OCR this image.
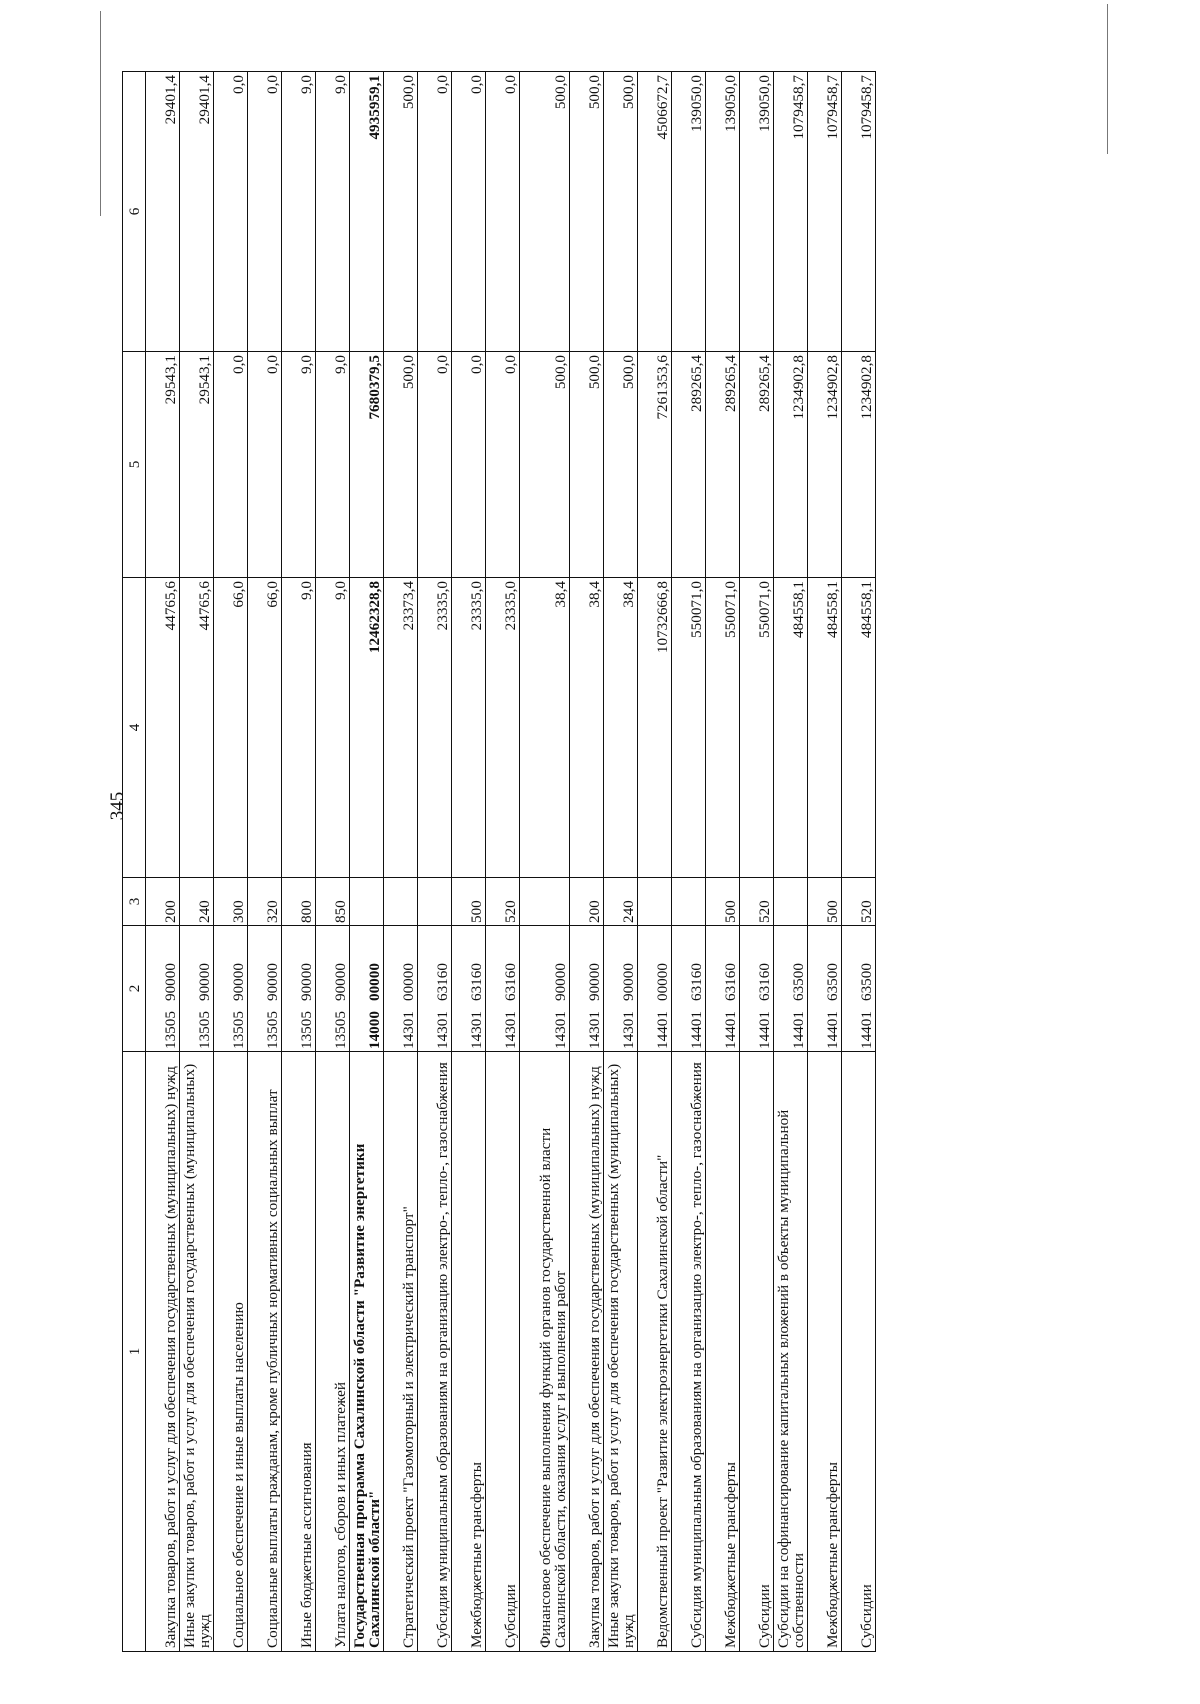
345
1	2	3	4	5	6
Закупка товаров, работ и услуг для обеспечения государственных (муниципальных) нужд	1350590000	200	44765,6	29543,1	29401,4
Иные закупки товаров, работ и услуг для обеспечения государственных (муниципальных) нужд	1350590000	240	44765,6	29543,1	29401,4
Социальное обеспечение и иные выплаты населению	1350590000	300	66,0	0,0	0,0
Социальные выплаты гражданам, кроме публичных нормативных социальных выплат	1350590000	320	66,0	0,0	0,0
Иные бюджетные ассигнования	1350590000	800	9,0	9,0	9,0
Уплата налогов, сборов и иных платежей	1350590000	850	9,0	9,0	9,0
Государственная программа Сахалинской области "Развитие энергетики Сахалинской области"	1400000000		12462328,8	7680379,5	4935959,1
Стратегический проект "Газомоторный и электрический транспорт"	1430100000		23373,4	500,0	500,0
Субсидия муниципальным образованиям на организацию электро-, тепло-, газоснабжения	1430163160		23335,0	0,0	0,0
Межбюджетные трансферты	1430163160	500	23335,0	0,0	0,0
Субсидии	1430163160	520	23335,0	0,0	0,0
Финансовое обеспечение выполнения функций органов государственной власти Сахалинской области, оказания услуг и выполнения работ	1430190000		38,4	500,0	500,0
Закупка товаров, работ и услуг для обеспечения государственных (муниципальных) нужд	1430190000	200	38,4	500,0	500,0
Иные закупки товаров, работ и услуг для обеспечения государственных (муниципальных) нужд	1430190000	240	38,4	500,0	500,0
Ведомственный проект "Развитие электроэнергетики Сахалинской области"	1440100000		10732666,8	7261353,6	4506672,7
Субсидия муниципальным образованиям на организацию электро-, тепло-, газоснабжения	1440163160		550071,0	289265,4	139050,0
Межбюджетные трансферты	1440163160	500	550071,0	289265,4	139050,0
Субсидии	1440163160	520	550071,0	289265,4	139050,0
Субсидии на софинансирование капитальных вложений в объекты муниципальной собственности	1440163500		484558,1	1234902,8	1079458,7
Межбюджетные трансферты	1440163500	500	484558,1	1234902,8	1079458,7
Субсидии	1440163500	520	484558,1	1234902,8	1079458,7
